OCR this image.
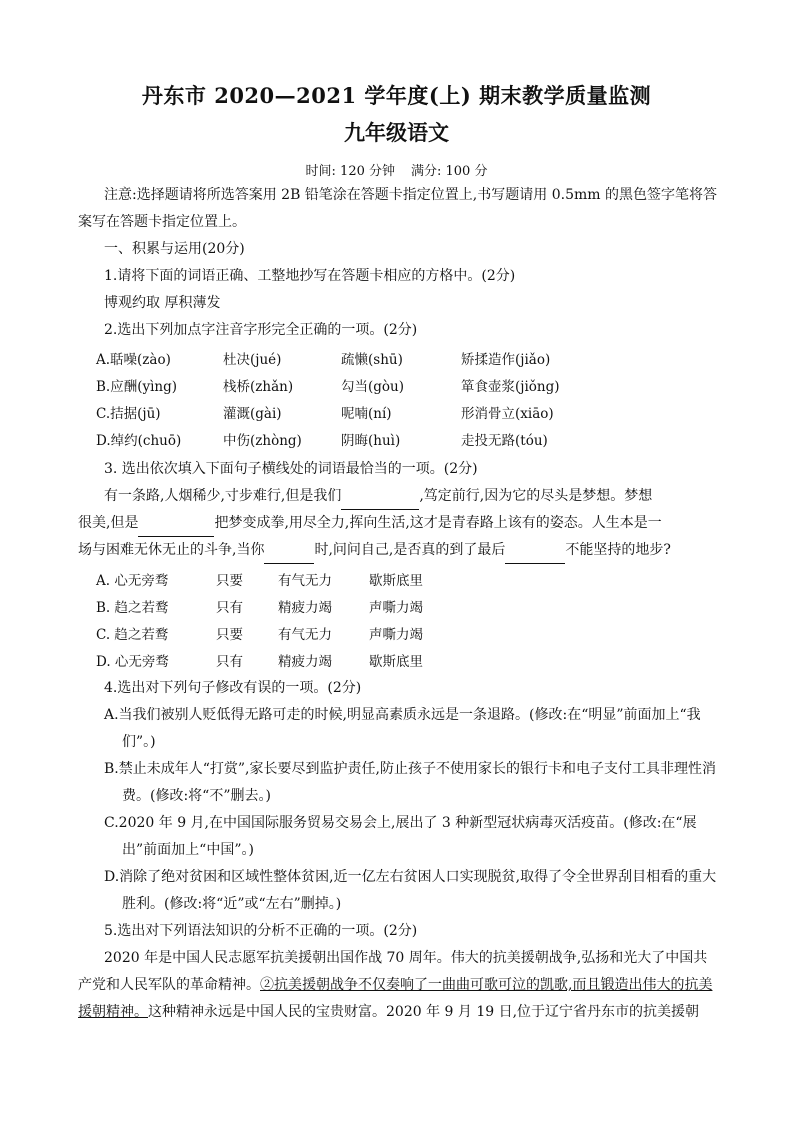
丹东市 2020—2021 学年度(上) 期末教学质量监测
九年级语文
时间: 120 分钟 满分: 100 分
注意:选择题请将所选答案用 2B 铅笔涂在答题卡指定位置上,书写题请用 0.5mm 的黑色签字笔将答案写在答题卡指定位置上。
一、积累与运用(20分)
1.请将下面的词语正确、工整地抄写在答题卡相应的方格中。(2分)
博观约取 厚积薄发
2.选出下列加点字注音字形完全正确的一项。(2分)
A.聒噪(zào)	杜决(jué)	疏懒(shū)	矫揉造作(jiǎo)
B.应酬(yìng)	栈桥(zhǎn)	勾当(gòu)	箪食壶浆(jiǒng)
C.拮据(jū)	灌溉(gài)	呢喃(ní)	形消骨立(xiāo)
D.绰约(chuō)	中伤(zhòng)	阴晦(huì)	走投无路(tóu)
3. 选出依次填入下面句子横线处的词语最恰当的一项。(2分)

有一条路,人烟稀少,寸步难行,但是我们	,笃定前行,因为它的尽头是梦想。梦想

很美,但是	把梦变成拳,用尽全力,挥向生活,这才是青春路上该有的姿态。人生本是一

场与困难无休无止的斗争,当你	时,问问自己,是否真的到了最后	不能坚持的地步?

A. 心无旁骛	只要	有气无力	歇斯底里
B. 趋之若鹜	只有	精疲力竭	声嘶力竭
C. 趋之若鹜	只要	有气无力	声嘶力竭
D. 心无旁骛	只有	精疲力竭	歇斯底里
4.选出对下列句子修改有误的一项。(2分)

A.当我们被别人贬低得无路可走的时候,明显高素质永远是一条退路。(修改:在“明显”前面加上“我们”。)

B.禁止未成年人“打赏”,家长要尽到监护责任,防止孩子不使用家长的银行卡和电子支付工具非理性消费。(修改:将“不”删去。)

C.2020 年 9 月,在中国国际服务贸易交易会上,展出了 3 种新型冠状病毒灭活疫苗。(修改:在“展出”前面加上“中国”。)

D.消除了绝对贫困和区域性整体贫困,近一亿左右贫困人口实现脱贫,取得了令全世界刮目相看的重大胜利。(修改:将“近”或“左右”删掉。)

5.选出对下列语法知识的分析不正确的一项。(2分)
2020 年是中国人民志愿军抗美援朝出国作战 70 周年。伟大的抗美援朝战争,弘扬和光大了中国共产党和人民军队的革命精神。②抗美援朝战争不仅奏响了一曲曲可歌可泣的凯歌,而且锻造出伟大的抗美援朝精神。这种精神永远是中国人民的宝贵财富。2020 年 9 月 19 日,位于辽宁省丹东市的抗美援朝
